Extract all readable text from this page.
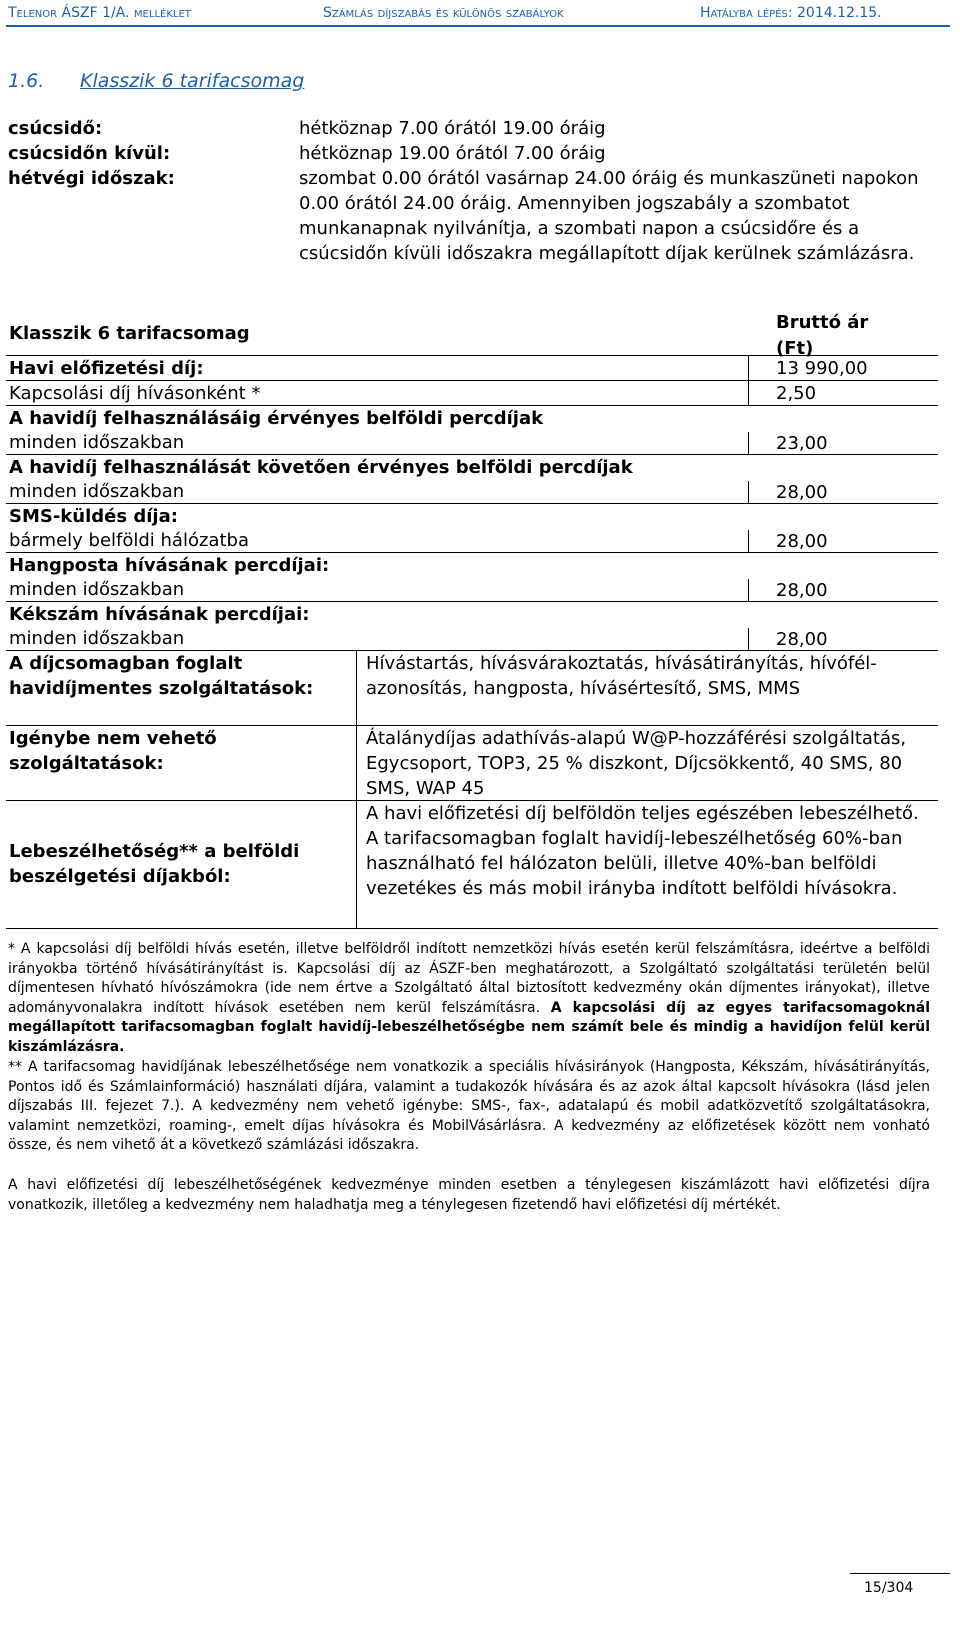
Telenor ÁSZF 1/A. melléklet	Számlás díjszabás és különös szabályok	Hatályba lépés: 2014.12.15.
1.6. Klasszik 6 tarifacsomag
csúcsidő:	hétköznap 7.00 órától 19.00 óráig
csúcsidőn kívül:	hétköznap 19.00 órától 7.00 óráig
hétvégi időszak:	szombat 0.00 órától vasárnap 24.00 óráig és munkaszüneti napokon 0.00 órától 24.00 óráig. Amennyiben jogszabály a szombatot munkanapnak nyilvánítja, a szombati napon a csúcsidőre és a csúcsidőn kívüli időszakra megállapított díjak kerülnek számlázásra.
Klasszik 6 tarifacsomag
Bruttó ár (Ft)
Havi előfizetési díj:	13 990,00
Kapcsolási díj hívásonként *	2,50
A havidíj felhasználásáig érvényes belföldi percdíjak
minden időszakban	23,00
A havidíj felhasználását követően érvényes belföldi percdíjak
minden időszakban	28,00
SMS-küldés díja:
bármely belföldi hálózatba	28,00
Hangposta hívásának percdíjai:
minden időszakban	28,00
Kékszám hívásának percdíjai:
minden időszakban	28,00
A díjcsomagban foglalt havidíjmentes szolgáltatások:
Hívástartás, hívásvárakoztatás, hívásátirányítás, hívófél-azonosítás, hangposta, hívásértesítő, SMS, MMS
Igénybe nem vehető szolgáltatások:
Átalánydíjas adathívás-alapú W@P-hozzáférési szolgáltatás, Egycsoport, TOP3, 25 % diszkont, Díjcsökkentő, 40 SMS, 80 SMS, WAP 45
Lebeszélhetőség** a belföldi beszélgetési díjakból:
A havi előfizetési díj belföldön teljes egészében lebeszélhető. A tarifacsomagban foglalt havidíj-lebeszélhetőség 60%-ban használható fel hálózaton belüli, illetve 40%-ban belföldi vezetékes és más mobil irányba indított belföldi hívásokra.
* A kapcsolási díj belföldi hívás esetén, illetve belföldről indított nemzetközi hívás esetén kerül felszámításra, ideértve a belföldi irányokba történő hívásátirányítást is. Kapcsolási díj az ÁSZF-ben meghatározott, a Szolgáltató szolgáltatási területén belül díjmentesen hívható hívószámokra (ide nem értve a Szolgáltató által biztosított kedvezmény okán díjmentes irányokat), illetve adományvonalakra indított hívások esetében nem kerül felszámításra. A kapcsolási díj az egyes tarifacsomagoknál megállapított tarifacsomagban foglalt havidíj-lebeszélhetőségbe nem számít bele és mindig a havidíjon felül kerül kiszámlázásra.
** A tarifacsomag havidíjának lebeszélhetősége nem vonatkozik a speciális hívásirányok (Hangposta, Kékszám, hívásátirányítás, Pontos idő és Számlainformáció) használati díjára, valamint a tudakozók hívására és az azok által kapcsolt hívásokra (lásd jelen díjszabás III. fejezet 7.). A kedvezmény nem vehető igénybe: SMS-, fax-, adatalapú és mobil adatközvetítő szolgáltatásokra, valamint nemzetközi, roaming-, emelt díjas hívásokra és MobilVásárlásra. A kedvezmény az előfizetések között nem vonható össze, és nem vihető át a következő számlázási időszakra.
A havi előfizetési díj lebeszélhetőségének kedvezménye minden esetben a ténylegesen kiszámlázott havi előfizetési díjra vonatkozik, illetőleg a kedvezmény nem haladhatja meg a ténylegesen fizetendő havi előfizetési díj mértékét.
15/304
